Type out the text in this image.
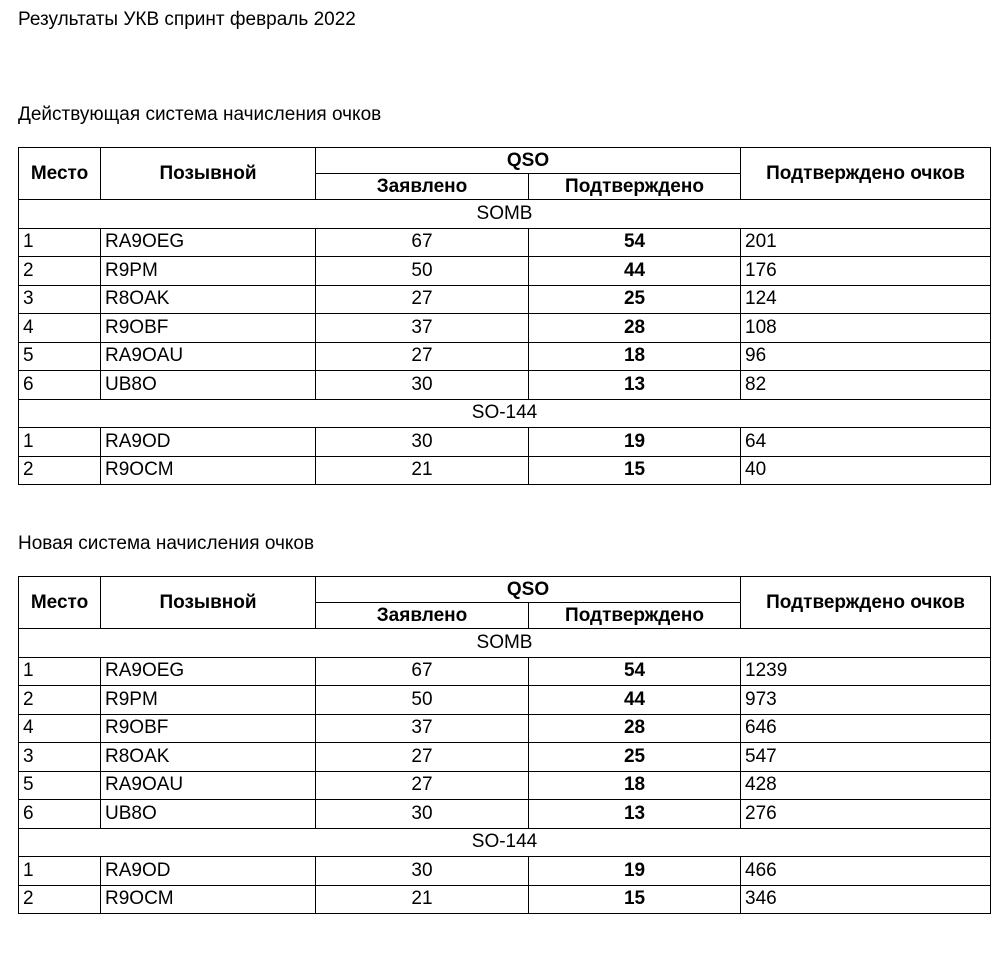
Результаты УКВ спринт февраль 2022
Действующая система начисления очков
Место	Позывной	QSO		Подтверждено очков
		Заявлено	Подтверждено	
SOMB				
1	RA9OEG	67	54	201
2	R9PM	50	44	176
3	R8OAK	27	25	124
4	R9OBF	37	28	108
5	RA9OAU	27	18	96
6	UB8O	30	13	82
SO-144				
1	RA9OD	30	19	64
2	R9OCM	21	15	40
Новая система начисления очков
Место	Позывной	QSO		Подтверждено очков
		Заявлено	Подтверждено	
SOMB				
1	RA9OEG	67	54	1239
2	R9PM	50	44	973
4	R9OBF	37	28	646
3	R8OAK	27	25	547
5	RA9OAU	27	18	428
6	UB8O	30	13	276
SO-144				
1	RA9OD	30	19	466
2	R9OCM	21	15	346
